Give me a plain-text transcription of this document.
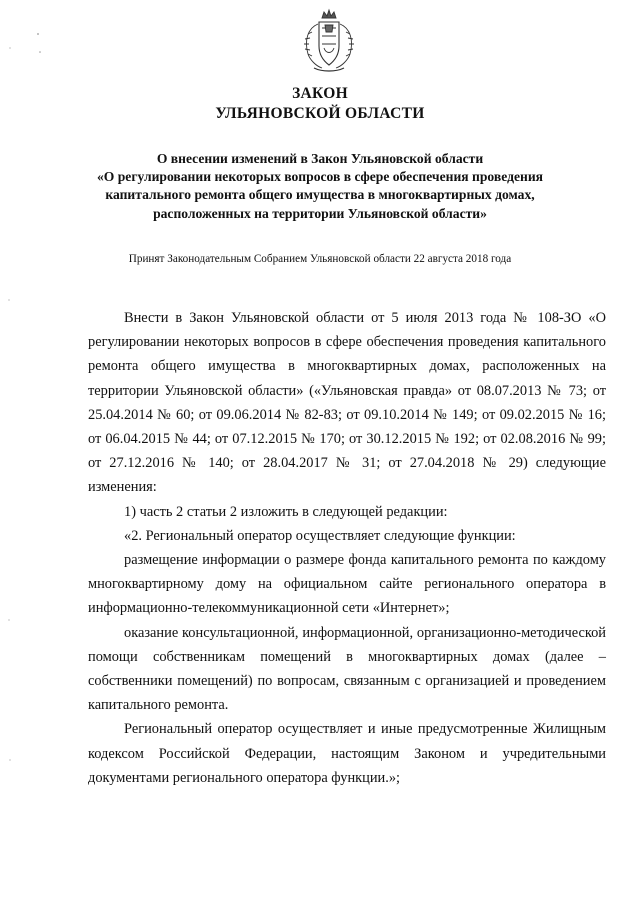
ЗАКОН
УЛЬЯНОВСКОЙ ОБЛАСТИ
О внесении изменений в Закон Ульяновской области
«О регулировании некоторых вопросов в сфере обеспечения проведения
капитального ремонта общего имущества в многоквартирных домах,
расположенных на территории Ульяновской области»
Принят Законодательным Собранием Ульяновской области 22 августа 2018 года

Внести в Закон Ульяновской области от 5 июля 2013 года № 108-ЗО «О регулировании некоторых вопросов в сфере обеспечения проведения капитального ремонта общего имущества в многоквартирных домах, расположенных на территории Ульяновской области» («Ульяновская правда» от 08.07.2013 № 73; от 25.04.2014 № 60; от 09.06.2014 № 82-83; от 09.10.2014 № 149; от 09.02.2015 № 16; от 06.04.2015 № 44; от 07.12.2015 № 170; от 30.12.2015 № 192; от 02.08.2016 № 99; от 27.12.2016 № 140; от 28.04.2017 № 31; от 27.04.2018 № 29) следующие изменения:

1) часть 2 статьи 2 изложить в следующей редакции:

«2. Региональный оператор осуществляет следующие функции:

размещение информации о размере фонда капитального ремонта по каждому многоквартирному дому на официальном сайте регионального оператора в информационно-телекоммуникационной сети «Интернет»;

оказание консультационной, информационной, организационно-методической помощи собственникам помещений в многоквартирных домах (далее – собственники помещений) по вопросам, связанным с организацией и проведением капитального ремонта.

Региональный оператор осуществляет и иные предусмотренные Жилищным кодексом Российской Федерации, настоящим Законом и учредительными документами регионального оператора функции.»;
